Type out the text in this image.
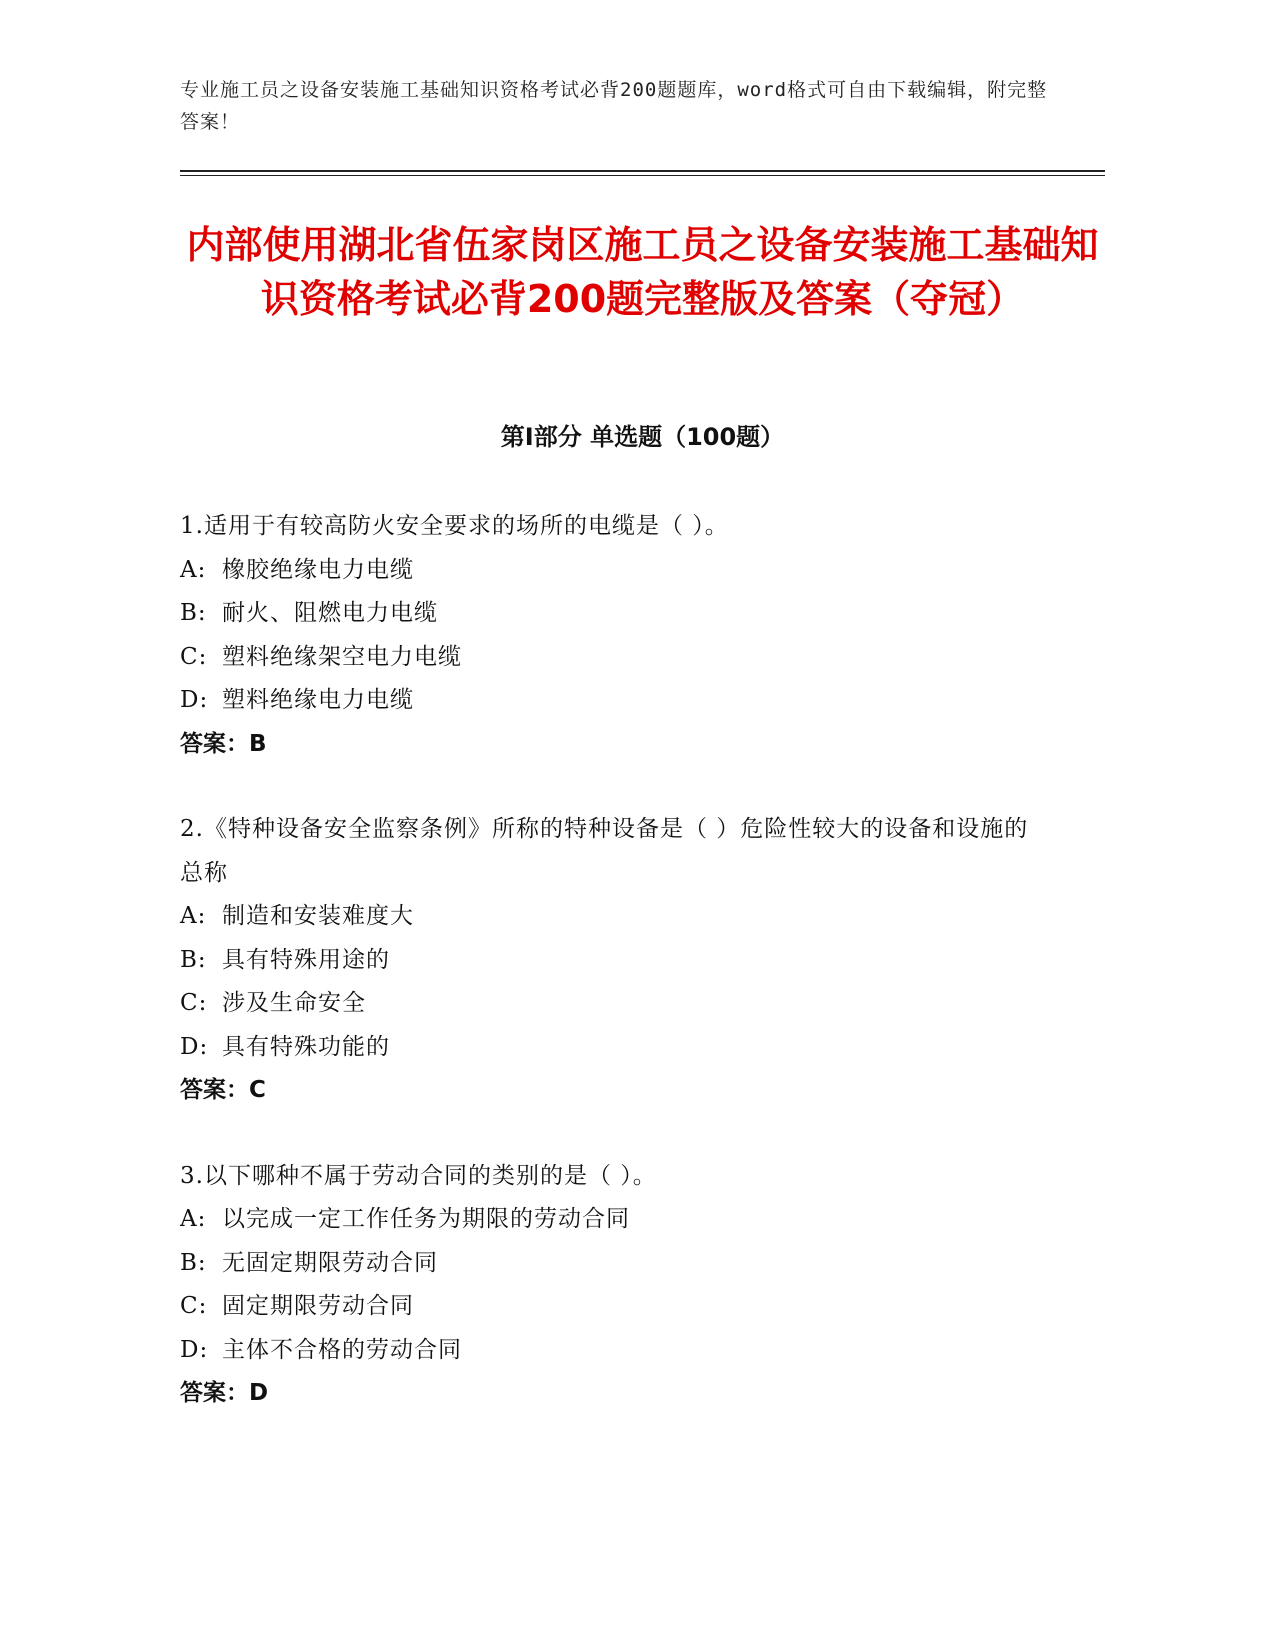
专业施工员之设备安装施工基础知识资格考试必背200题题库，word格式可自由下载编辑，附完整答案！
内部使用湖北省伍家岗区施工员之设备安装施工基础知识资格考试必背200题完整版及答案（夺冠）
第Ⅰ部分 单选题（100题）
1.适用于有较高防火安全要求的场所的电缆是（ ）。
A: 橡胶绝缘电力电缆
B: 耐火、阻燃电力电缆
C: 塑料绝缘架空电力电缆
D: 塑料绝缘电力电缆
答案：B
2.《特种设备安全监察条例》所称的特种设备是（ ）危险性较大的设备和设施的总称
A: 制造和安装难度大
B: 具有特殊用途的
C: 涉及生命安全
D: 具有特殊功能的
答案：C
3.以下哪种不属于劳动合同的类别的是（ ）。
A: 以完成一定工作任务为期限的劳动合同
B: 无固定期限劳动合同
C: 固定期限劳动合同
D: 主体不合格的劳动合同
答案：D
